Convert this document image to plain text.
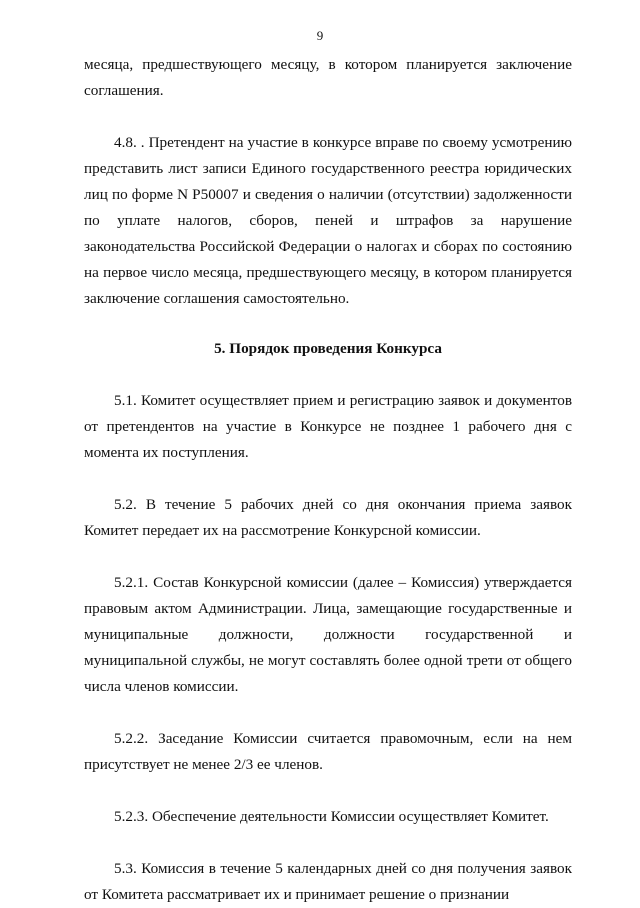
9

месяца, предшествующего месяцу, в котором планируется заключение соглашения.

4.8. . Претендент на участие в конкурсе вправе по своему усмотрению представить лист записи Единого государственного реестра юридических лиц по форме N P50007 и сведения о наличии (отсутствии) задолженности по уплате налогов, сборов, пеней и штрафов за нарушение законодательства Российской Федерации о налогах и сборах по состоянию на первое число месяца, предшествующего месяцу, в котором планируется заключение соглашения самостоятельно.

5. Порядок проведения Конкурса

5.1. Комитет осуществляет прием и регистрацию заявок и документов от претендентов на участие в Конкурсе не позднее 1 рабочего дня с момента их поступления.

5.2. В течение 5 рабочих дней со дня окончания приема заявок Комитет передает их на рассмотрение Конкурсной комиссии.

5.2.1. Состав Конкурсной комиссии (далее – Комиссия) утверждается правовым актом Администрации. Лица, замещающие государственные и муниципальные должности, должности государственной и муниципальной службы, не могут составлять более одной трети от общего числа членов комиссии.

5.2.2. Заседание Комиссии считается правомочным, если на нем присутствует не менее 2/3 ее членов.

5.2.3. Обеспечение деятельности Комиссии осуществляет Комитет.

5.3. Комиссия в течение 5 календарных дней со дня получения заявок от Комитета рассматривает их и принимает решение о признании
